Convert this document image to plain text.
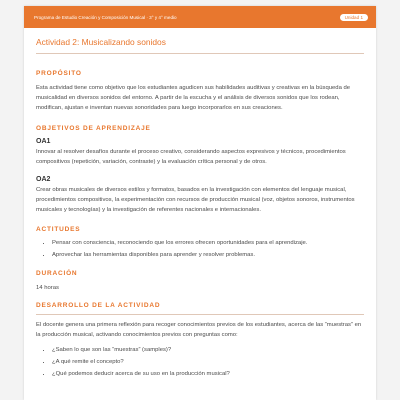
Programa de Estudio Creación y Composición Musical · 3° y 4° medio	Unidad 1
Actividad 2: Musicalizando sonidos
PROPÓSITO

Esta actividad tiene como objetivo que los estudiantes agudicen sus habilidades auditivas y creativas en la búsqueda de musicalidad en diversos sonidos del entorno. A partir de la escucha y el análisis de diversos sonidos que los rodean, modifican, ajustan e inventan nuevas sonoridades para luego incorporarlos en sus creaciones.

OBJETIVOS DE APRENDIZAJE
OA1

Innovar al resolver desafíos durante el proceso creativo, considerando aspectos expresivos y técnicos, procedimientos compositivos (repetición, variación, contraste) y la evaluación crítica personal y de otros.

OA2

Crear obras musicales de diversos estilos y formatos, basados en la investigación con elementos del lenguaje musical, procedimientos compositivos, la experimentación con recursos de producción musical (voz, objetos sonoros, instrumentos musicales y tecnologías) y la investigación de referentes nacionales e internacionales.

ACTITUDES
• Pensar con consciencia, reconociendo que los errores ofrecen oportunidades para el aprendizaje.
• Aprovechar las herramientas disponibles para aprender y resolver problemas.
DURACIÓN

14 horas

DESARROLLO DE LA ACTIVIDAD

El docente genera una primera reflexión para recoger conocimientos previos de los estudiantes, acerca de las “muestras” en la producción musical, activando conocimientos previos con preguntas como:

• ¿Saben lo que son las “muestras” (samples)?
• ¿A qué remite el concepto?
• ¿Qué podemos deducir acerca de su uso en la producción musical?
